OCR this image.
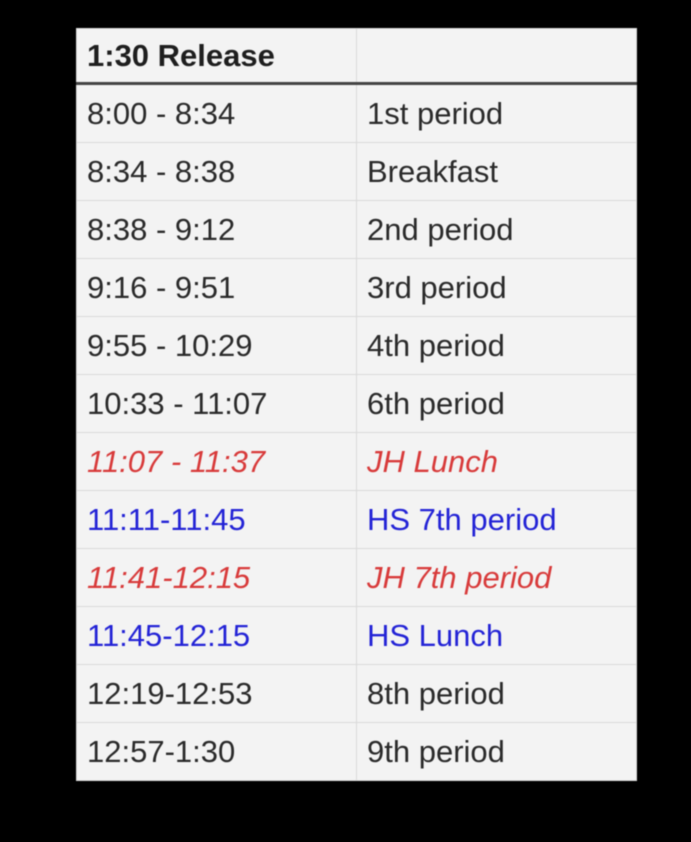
1:30 Release	
8:00 - 8:34	1st period
8:34 - 8:38	Breakfast
8:38 - 9:12	2nd period
9:16 - 9:51	3rd period
9:55 - 10:29	4th period
10:33 - 11:07	6th period
11:07 - 11:37	JH Lunch
11:11-11:45	HS 7th period
11:41-12:15	JH 7th period
11:45-12:15	HS Lunch
12:19-12:53	8th period
12:57-1:30	9th period
